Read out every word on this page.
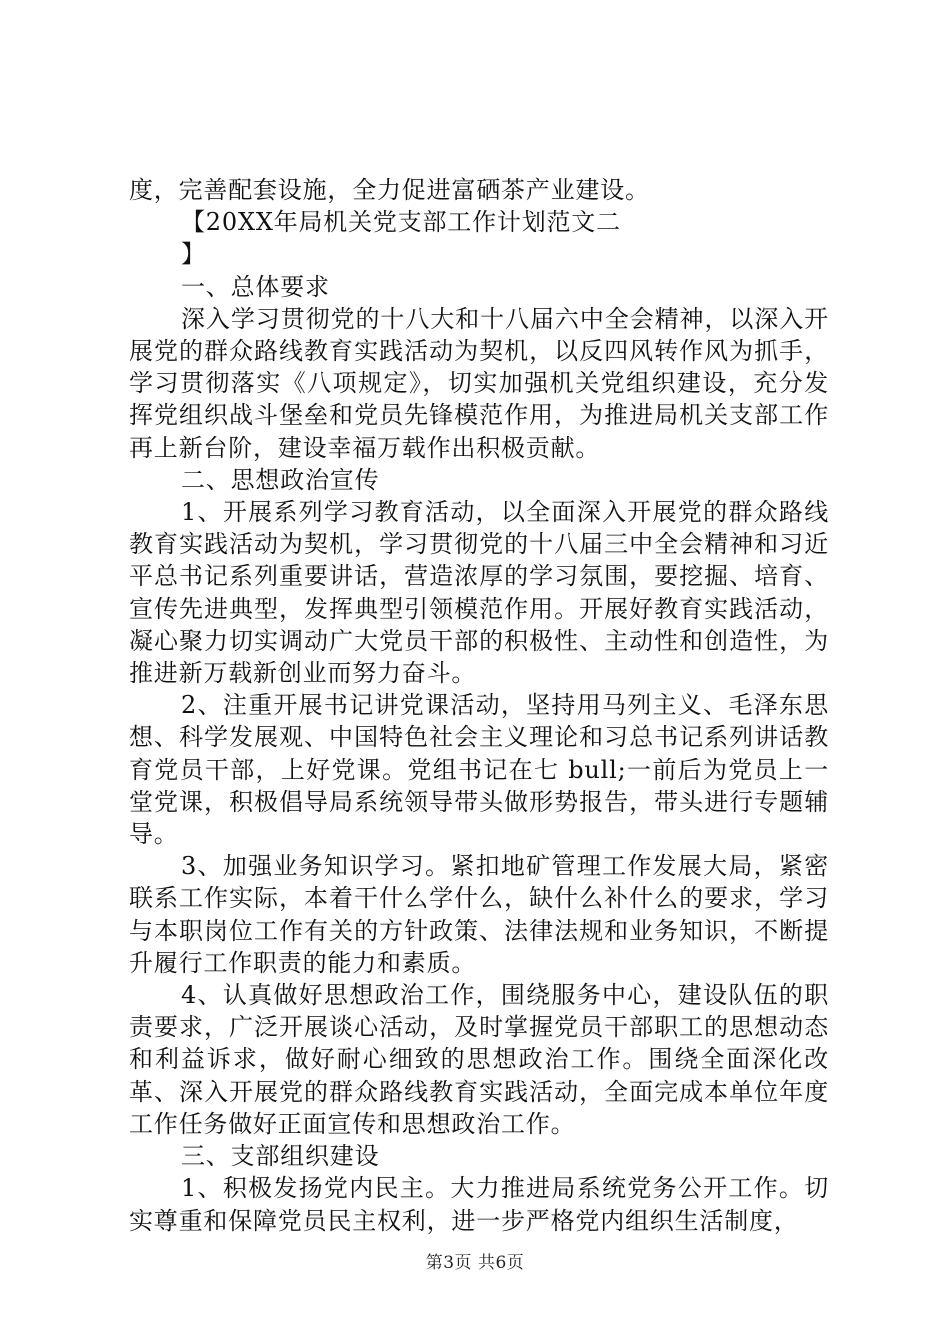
度，完善配套设施，全力促进富硒茶产业建设。

【20XX年局机关党支部工作计划范文二

】

一、总体要求

深入学习贯彻党的十八大和十八届六中全会精神，以深入开展党的群众路线教育实践活动为契机，以反四风转作风为抓手，学习贯彻落实《八项规定》，切实加强机关党组织建设，充分发挥党组织战斗堡垒和党员先锋模范作用，为推进局机关支部工作再上新台阶，建设幸福万载作出积极贡献。

二、思想政治宣传

1、开展系列学习教育活动，以全面深入开展党的群众路线教育实践活动为契机，学习贯彻党的十八届三中全会精神和习近平总书记系列重要讲话，营造浓厚的学习氛围，要挖掘、培育、宣传先进典型，发挥典型引领模范作用。开展好教育实践活动，凝心聚力切实调动广大党员干部的积极性、主动性和创造性，为推进新万载新创业而努力奋斗。

2、注重开展书记讲党课活动，坚持用马列主义、毛泽东思想、科学发展观、中国特色社会主义理论和习总书记系列讲话教育党员干部，上好党课。党组书记在七 bull;一前后为党员上一堂党课，积极倡导局系统领导带头做形势报告，带头进行专题辅导。

3、加强业务知识学习。紧扣地矿管理工作发展大局，紧密联系工作实际，本着干什么学什么，缺什么补什么的要求，学习与本职岗位工作有关的方针政策、法律法规和业务知识，不断提升履行工作职责的能力和素质。

4、认真做好思想政治工作，围绕服务中心，建设队伍的职责要求，广泛开展谈心活动，及时掌握党员干部职工的思想动态和利益诉求，做好耐心细致的思想政治工作。围绕全面深化改革、深入开展党的群众路线教育实践活动，全面完成本单位年度工作任务做好正面宣传和思想政治工作。

三、支部组织建设

1、积极发扬党内民主。大力推进局系统党务公开工作。切实尊重和保障党员民主权利，进一步严格党内组织生活制度，

第3页 共6页
